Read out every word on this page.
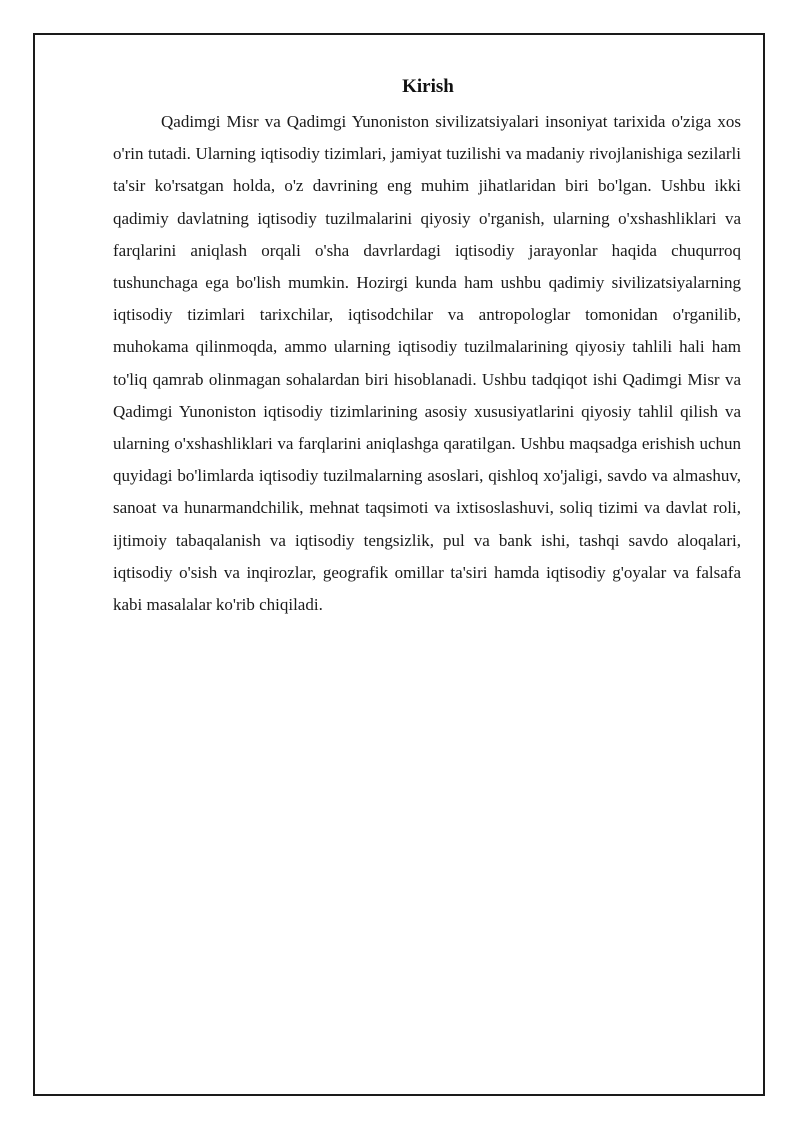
Kirish

Qadimgi Misr va Qadimgi Yunoniston sivilizatsiyalari insoniyat tarixida o'ziga xos o'rin tutadi. Ularning iqtisodiy tizimlari, jamiyat tuzilishi va madaniy rivojlanishiga sezilarli ta'sir ko'rsatgan holda, o'z davrining eng muhim jihatlaridan biri bo'lgan. Ushbu ikki qadimiy davlatning iqtisodiy tuzilmalarini qiyosiy o'rganish, ularning o'xshashliklari va farqlarini aniqlash orqali o'sha davrlardagi iqtisodiy jarayonlar haqida chuqurroq tushunchaga ega bo'lish mumkin. Hozirgi kunda ham ushbu qadimiy sivilizatsiyalarning iqtisodiy tizimlari tarixchilar, iqtisodchilar va antropologlar tomonidan o'rganilib, muhokama qilinmoqda, ammo ularning iqtisodiy tuzilmalarining qiyosiy tahlili hali ham to'liq qamrab olinmagan sohalardan biri hisoblanadi. Ushbu tadqiqot ishi Qadimgi Misr va Qadimgi Yunoniston iqtisodiy tizimlarining asosiy xususiyatlarini qiyosiy tahlil qilish va ularning o'xshashliklari va farqlarini aniqlashga qaratilgan. Ushbu maqsadga erishish uchun quyidagi bo'limlarda iqtisodiy tuzilmalarning asoslari, qishloq xo'jaligi, savdo va almashuv, sanoat va hunarmandchilik, mehnat taqsimoti va ixtisoslashuvi, soliq tizimi va davlat roli, ijtimoiy tabaqalanish va iqtisodiy tengsizlik, pul va bank ishi, tashqi savdo aloqalari, iqtisodiy o'sish va inqirozlar, geografik omillar ta'siri hamda iqtisodiy g'oyalar va falsafa kabi masalalar ko'rib chiqiladi.
